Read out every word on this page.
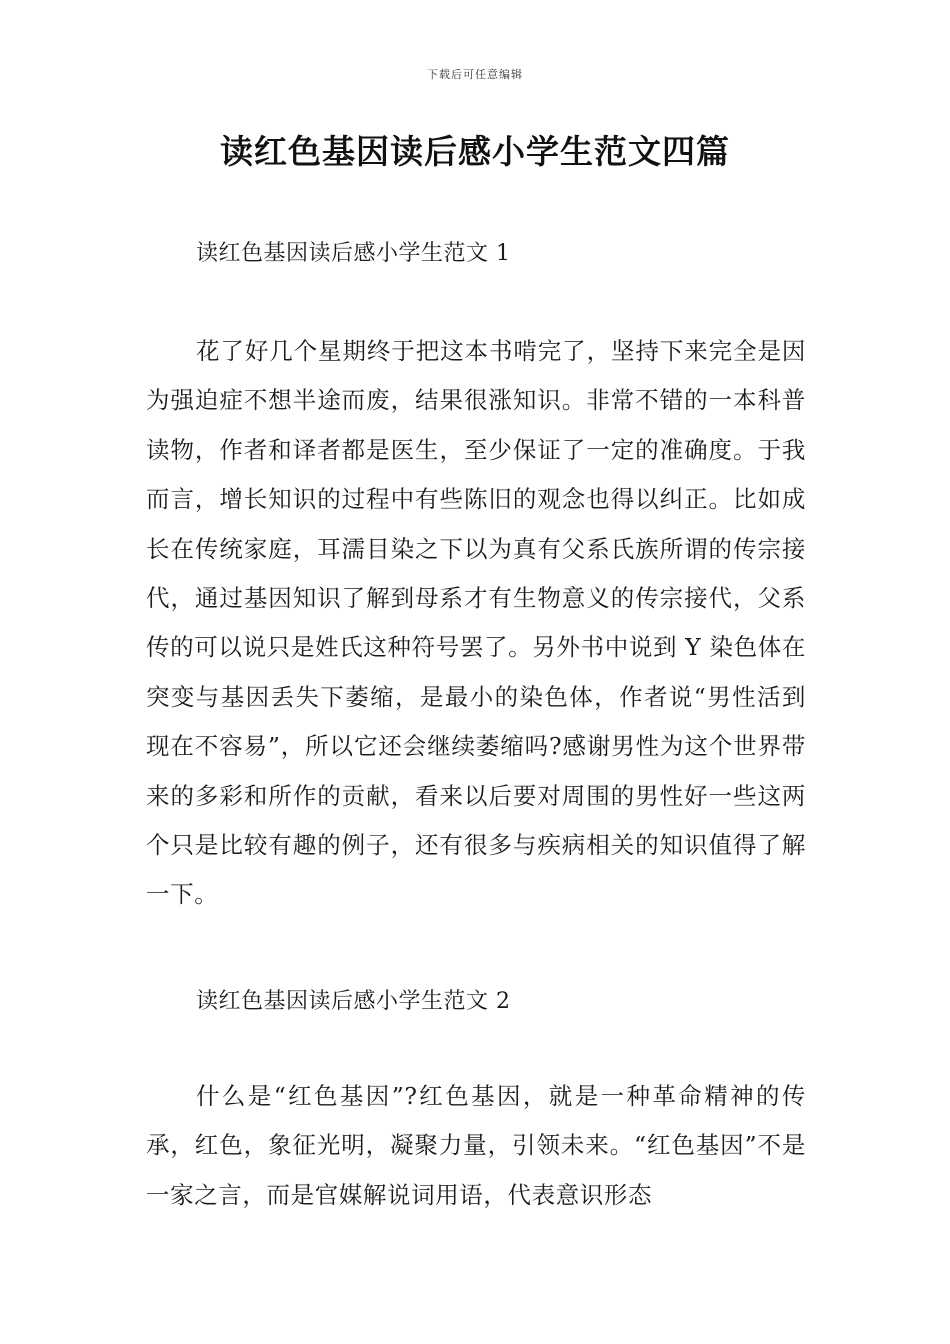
下载后可任意编辑
读红色基因读后感小学生范文四篇
读红色基因读后感小学生范文 1
花了好几个星期终于把这本书啃完了，坚持下来完全是因为强迫症不想半途而废，结果很涨知识。非常不错的一本科普读物，作者和译者都是医生，至少保证了一定的准确度。于我而言，增长知识的过程中有些陈旧的观念也得以纠正。比如成长在传统家庭，耳濡目染之下以为真有父系氏族所谓的传宗接代，通过基因知识了解到母系才有生物意义的传宗接代，父系传的可以说只是姓氏这种符号罢了。另外书中说到 Y 染色体在突变与基因丢失下萎缩，是最小的染色体，作者说“男性活到现在不容易”，所以它还会继续萎缩吗?感谢男性为这个世界带来的多彩和所作的贡献，看来以后要对周围的男性好一些这两个只是比较有趣的例子，还有很多与疾病相关的知识值得了解一下。
读红色基因读后感小学生范文 2
什么是“红色基因”?红色基因，就是一种革命精神的传承，红色，象征光明，凝聚力量，引领未来。“红色基因”不是一家之言，而是官媒解说词用语，代表意识形态
